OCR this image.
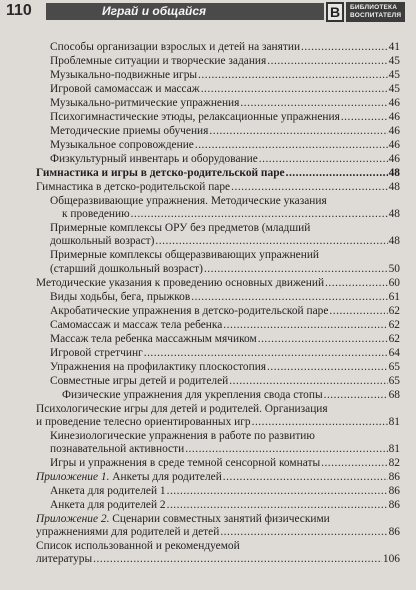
110	Играй и общайся	В	БИБЛИОТЕКА
ВОСПИТАТЕЛЯ
Способы организации взрослых и детей на занятии .....	41
Проблемные ситуации и творческие задания .....	45
Музыкально-подвижные игры .....	45
Игровой самомассаж и массаж .....	45
Музыкально-ритмические упражнения .....	46
Психогимнастические этюды, релаксационные упражнения .....	46
Методические приемы обучения .....	46
Музыкальное сопровождение .....	46
Физкультурный инвентарь и оборудование .....	46
Гимнастика и игры в детско-родительской паре .....	48
Гимнастика в детско-родительской паре .....	48
Общеразвивающие упражнения. Методические указания
к проведению .....	48
Примерные комплексы ОРУ без предметов (младший
дошкольный возраст) .....	48
Примерные комплексы общеразвивающих упражнений
(старший дошкольный возраст) .....	50
Методические указания к проведению основных движений .....	60
Виды ходьбы, бега, прыжков .....	61
Акробатические упражнения в детско-родительской паре .....	62
Самомассаж и массаж тела ребенка .....	62
Массаж тела ребенка массажным мячиком .....	62
Игровой стретчинг .....	64
Упражнения на профилактику плоскостопия .....	65
Совместные игры детей и родителей .....	65
Физические упражнения для укрепления свода стопы .....	68
Психологические игры для детей и родителей. Организация
и проведение телесно ориентированных игр .....	81
Кинезиологические упражнения в работе по развитию
познавательной активности .....	81
Игры и упражнения в среде темной сенсорной комнаты .....	82
Приложение 1. Анкеты для родителей .....	86
Анкета для родителей 1 .....	86
Анкета для родителей 2 .....	86
Приложение 2. Сценарии совместных занятий физическими
упражнениями для родителей и детей .....	86
Список использованной и рекомендуемой
литературы .....	106
